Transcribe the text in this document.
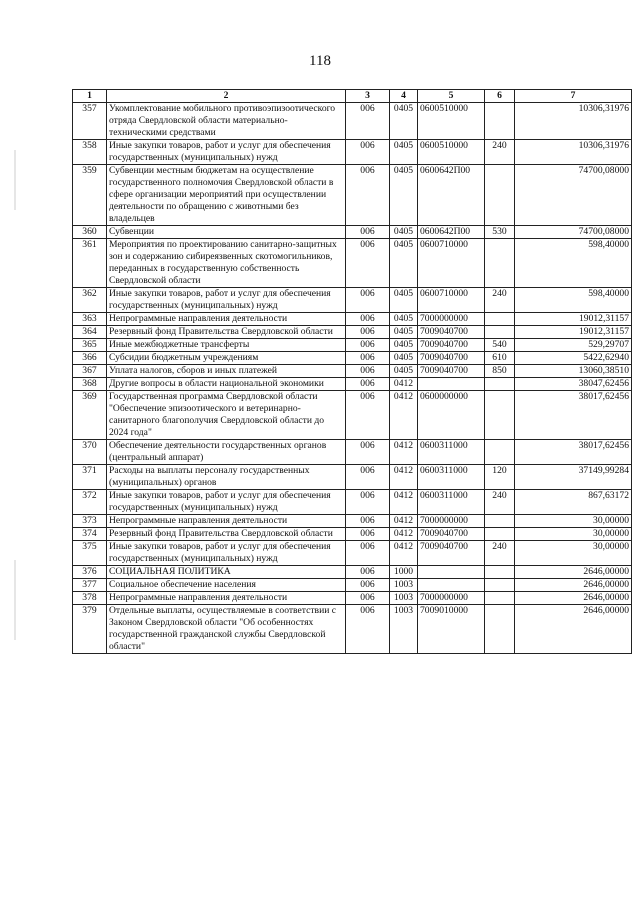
118
1	2	3	4	5	6	7
357	Укомплектование мобильного противоэпизоотического отряда Свердловской области материально-техническими средствами	006	0405	0600510000		10306,31976
358	Иные закупки товаров, работ и услуг для обеспечения государственных (муниципальных) нужд	006	0405	0600510000	240	10306,31976
359	Субвенции местным бюджетам на осуществление государственного полномочия Свердловской области в сфере организации мероприятий при осуществлении деятельности по обращению с животными без владельцев	006	0405	0600642П00		74700,08000
360	Субвенции	006	0405	0600642П00	530	74700,08000
361	Мероприятия по проектированию санитарно-защитных зон и содержанию сибиреязвенных скотомогильников, переданных в государственную собственность Свердловской области	006	0405	0600710000		598,40000
362	Иные закупки товаров, работ и услуг для обеспечения государственных (муниципальных) нужд	006	0405	0600710000	240	598,40000
363	Непрограммные направления деятельности	006	0405	7000000000		19012,31157
364	Резервный фонд Правительства Свердловской области	006	0405	7009040700		19012,31157
365	Иные межбюджетные трансферты	006	0405	7009040700	540	529,29707
366	Субсидии бюджетным учреждениям	006	0405	7009040700	610	5422,62940
367	Уплата налогов, сборов и иных платежей	006	0405	7009040700	850	13060,38510
368	Другие вопросы в области национальной экономики	006	0412			38047,62456
369	Государственная программа Свердловской области "Обеспечение эпизоотического и ветеринарно-санитарного благополучия Свердловской области до 2024 года"	006	0412	0600000000		38017,62456
370	Обеспечение деятельности государственных органов (центральный аппарат)	006	0412	0600311000		38017,62456
371	Расходы на выплаты персоналу государственных (муниципальных) органов	006	0412	0600311000	120	37149,99284
372	Иные закупки товаров, работ и услуг для обеспечения государственных (муниципальных) нужд	006	0412	0600311000	240	867,63172
373	Непрограммные направления деятельности	006	0412	7000000000		30,00000
374	Резервный фонд Правительства Свердловской области	006	0412	7009040700		30,00000
375	Иные закупки товаров, работ и услуг для обеспечения государственных (муниципальных) нужд	006	0412	7009040700	240	30,00000
376	СОЦИАЛЬНАЯ ПОЛИТИКА	006	1000			2646,00000
377	Социальное обеспечение населения	006	1003			2646,00000
378	Непрограммные направления деятельности	006	1003	7000000000		2646,00000
379	Отдельные выплаты, осуществляемые в соответствии с Законом Свердловской области "Об особенностях государственной гражданской службы Свердловской области"	006	1003	7009010000		2646,00000
